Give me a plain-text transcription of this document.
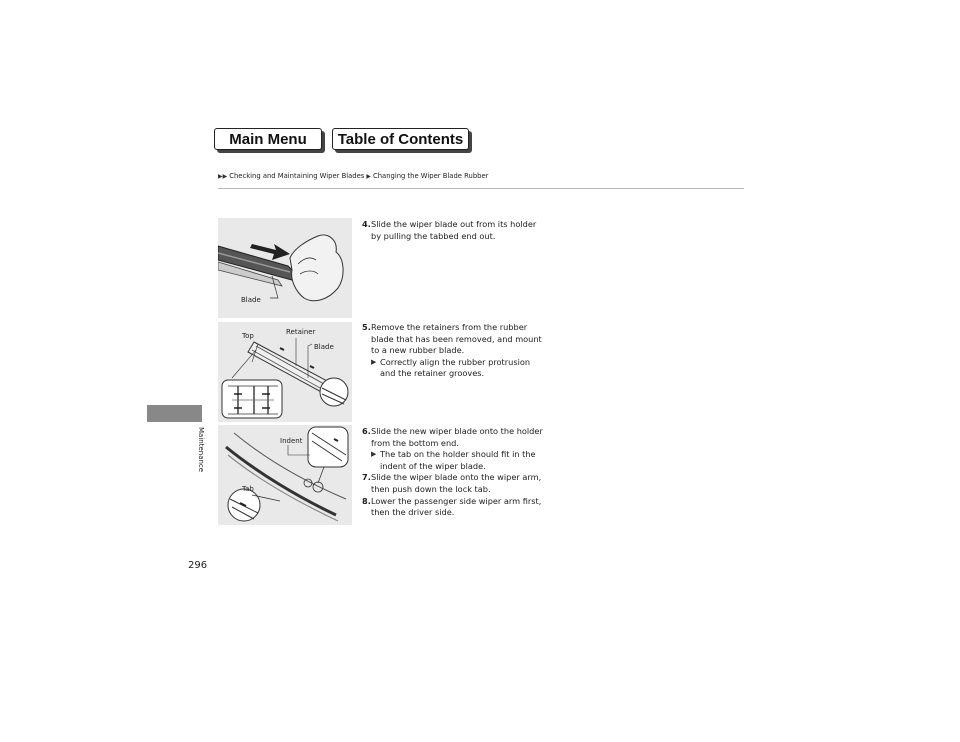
Main Menu	Table of Contents
▶▶ Checking and Maintaining Wiper Blades ▶ Changing the Wiper Blade Rubber
Maintenance
296
Blade
Top	Retainer
Blade
Indent
Tab

4. Slide the wiper blade out from its holder by pulling the tabbed end out.

5. Remove the retainers from the rubber blade that has been removed, and mount to a new rubber blade.

▶ Correctly align the rubber protrusion and the retainer grooves.

6. Slide the new wiper blade onto the holder from the bottom end.

▶ The tab on the holder should fit in the indent of the wiper blade.

7. Slide the wiper blade onto the wiper arm, then push down the lock tab.

8. Lower the passenger side wiper arm first, then the driver side.
